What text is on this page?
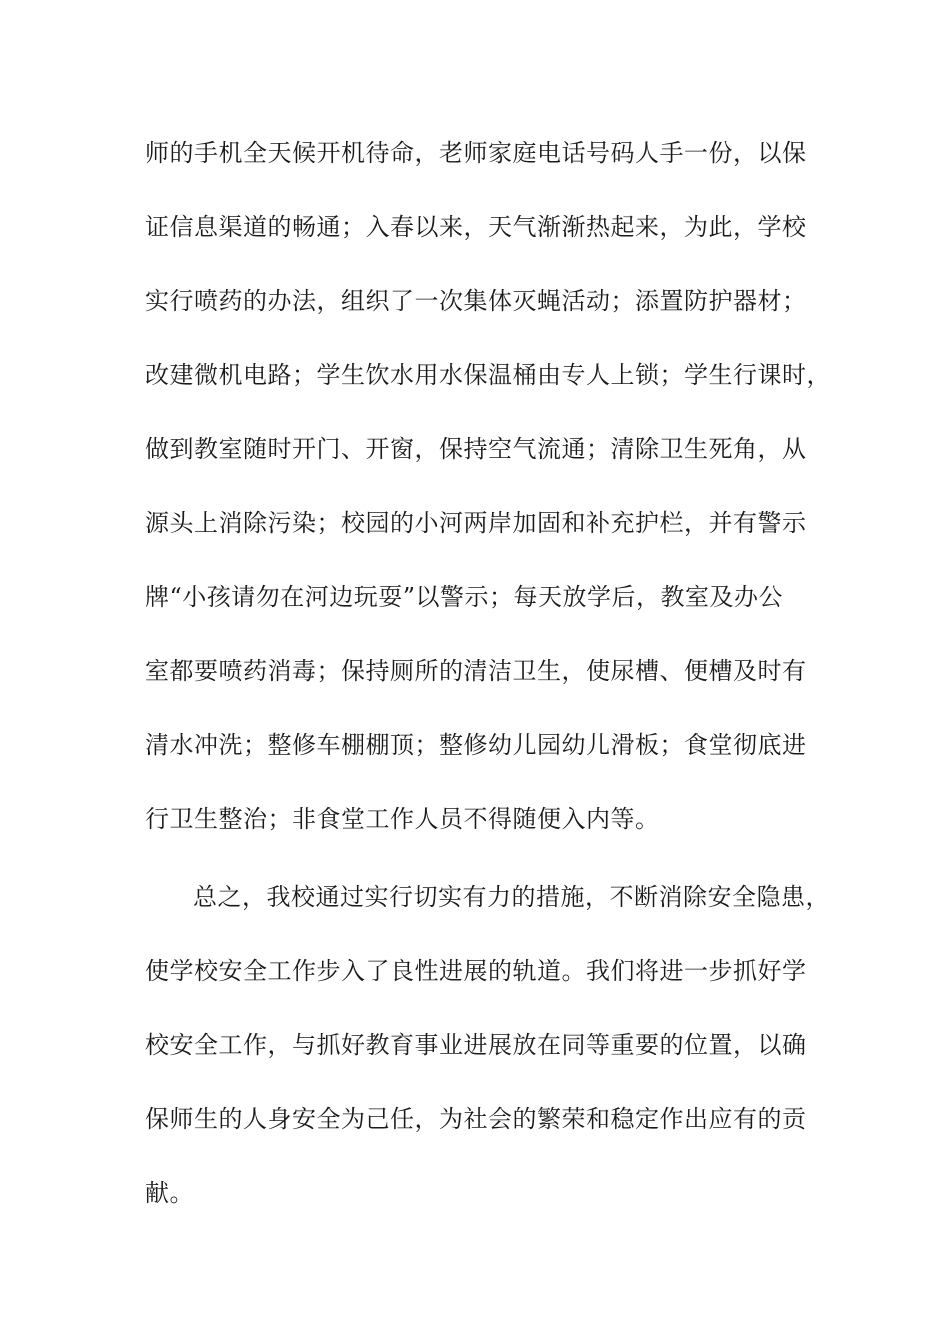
师的手机全天候开机待命，老师家庭电话号码人手一份，以保
证信息渠道的畅通；入春以来，天气渐渐热起来，为此，学校
实行喷药的办法，组织了一次集体灭蝇活动；添置防护器材；
改建微机电路；学生饮水用水保温桶由专人上锁；学生行课时，
做到教室随时开门、开窗，保持空气流通；清除卫生死角，从
源头上消除污染；校园的小河两岸加固和补充护栏，并有警示
牌“小孩请勿在河边玩耍”以警示；每天放学后，教室及办公
室都要喷药消毒；保持厕所的清洁卫生，使尿槽、便槽及时有
清水冲洗；整修车棚棚顶；整修幼儿园幼儿滑板；食堂彻底进
行卫生整治；非食堂工作人员不得随便入内等。
总之，我校通过实行切实有力的措施，不断消除安全隐患，
使学校安全工作步入了良性进展的轨道。我们将进一步抓好学
校安全工作，与抓好教育事业进展放在同等重要的位置，以确
保师生的人身安全为己任，为社会的繁荣和稳定作出应有的贡
献。
